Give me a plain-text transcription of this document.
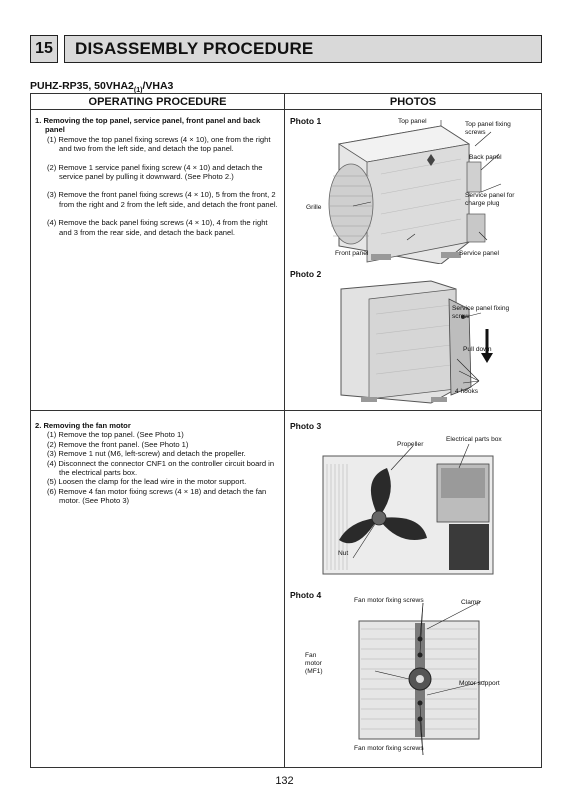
15	DISASSEMBLY PROCEDURE
PUHZ-RP35, $50VHA2_{(1)}/VHA3$
OPERATING PROCEDURE	PHOTOS
1. Removing the top panel, service panel, front panel and back panel
(1) Remove the top panel fixing screws (4 × 10), one from the right and two from the left side, and detach the top panel.
(2) Remove 1 service panel fixing screw (4 × 10) and detach the service panel by pulling it downward. (See Photo 2.)
(3) Remove the front panel fixing screws (4 × 10), 5 from the front, 2 from the right and 2 from the left side, and detach the front panel.
(4) Remove the back panel fixing screws (4 × 10), 4 from the right and 3 from the rear side, and detach the back panel.
2. Removing the fan motor
(1) Remove the top panel. (See Photo 1)
(2) Remove the front panel. (See Photo 1)
(3) Remove 1 nut (M6, left-screw) and detach the propeller.
(4) Disconnect the connector CNF1 on the controller circuit board in the electrical parts box.
(5) Loosen the clamp for the lead wire in the motor support.
(6) Remove 4 fan motor fixing screws (4 × 18) and detach the fan motor. (See Photo 3)
Photo 1	Top panel	Top panel fixing screws
Back panel
Grille
Service panel for charge plug
Front panel	Service panel
Photo 2
Service panel fixing screw
Pull down
4 hooks
Photo 3
Propeller
Electrical parts box
Nut
Photo 4
Fan motor fixing screws	Clamp
Fan motor (MF1)
Motor support
Fan motor fixing screws
132
